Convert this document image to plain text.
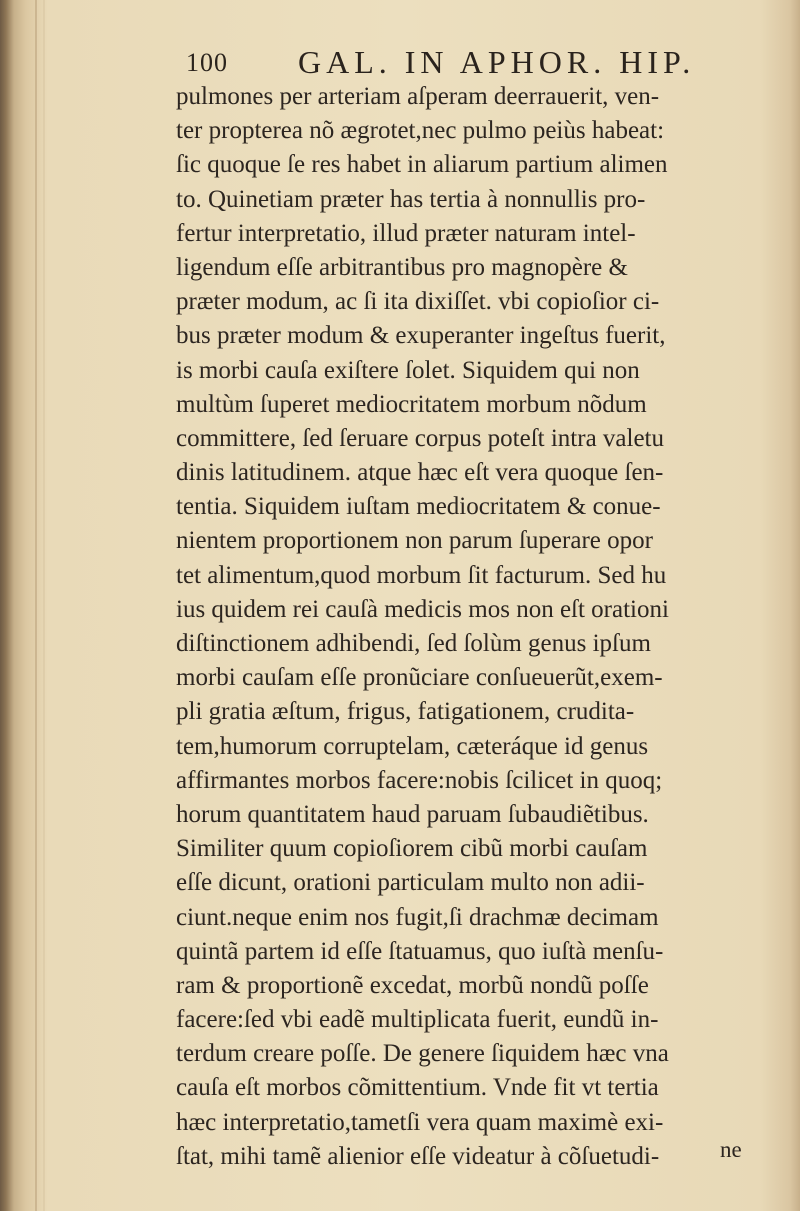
100 GAL. IN APHOR. HIP.
pulmones per arteriam aſperam deerrauerit, ven-
ter propterea nõ ægrotet,nec pulmo peiùs habeat:
ſic quoque ſe res habet in aliarum partium alimen
to. Quinetiam præter has tertia à nonnullis pro-
fertur interpretatio, illud præter naturam intel-
ligendum eſſe arbitrantibus pro magnopère &
præter modum, ac ſi ita dixiſſet. vbi copioſior ci-
bus præter modum & exuperanter ingeſtus fuerit,
is morbi cauſa exiſtere ſolet. Siquidem qui non
multùm ſuperet mediocritatem morbum nõdum
committere, ſed ſeruare corpus poteſt intra valetu
dinis latitudinem. atque hæc eſt vera quoque ſen-
tentia. Siquidem iuſtam mediocritatem & conue-
nientem proportionem non parum ſuperare opor
tet alimentum,quod morbum ſit facturum. Sed hu
ius quidem rei cauſà medicis mos non eſt orationi
diſtinctionem adhibendi, ſed ſolùm genus ipſum
morbi cauſam eſſe pronũciare conſueuerũt,exem-
pli gratia æſtum, frigus, fatigationem, crudita-
tem,humorum corruptelam, cæteráque id genus
affirmantes morbos facere:nobis ſcilicet in quoq;
horum quantitatem haud paruam ſubaudiẽtibus.
Similiter quum copioſiorem cibũ morbi cauſam
eſſe dicunt, orationi particulam multo non adii-
ciunt.neque enim nos fugit,ſi drachmæ decimam
quintã partem id eſſe ſtatuamus, quo iuſtà menſu-
ram & proportionẽ excedat, morbũ nondũ poſſe
facere:ſed vbi eadẽ multiplicata fuerit, eundũ in-
terdum creare poſſe. De genere ſiquidem hæc vna
cauſa eſt morbos cõmittentium. Vnde fit vt tertia
hæc interpretatio,tametſi vera quam maximè exi-
ſtat, mihi tamẽ alienior eſſe videatur à cõſuetudi-	ne
